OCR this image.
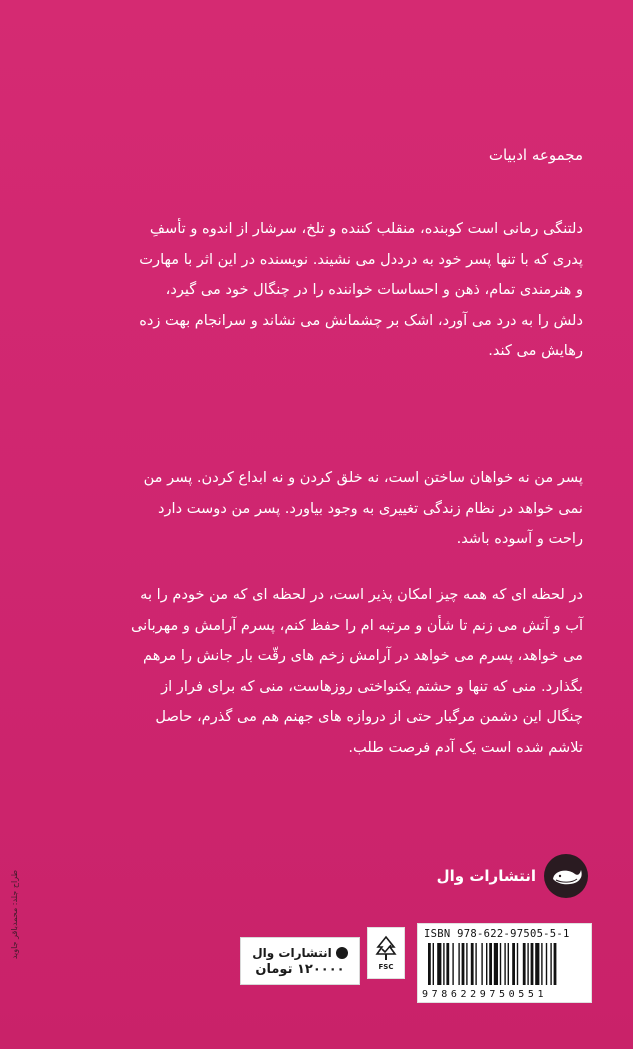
مجموعه ادبیات
دلتنگی رمانی است کوبنده، منقلب کننده و تلخ، سرشار از اندوه و تأسفِ
پدری که با تنها پسر خود به درددل می نشیند. نویسنده در این اثر با مهارت
و هنرمندی تمام، ذهن و احساسات خواننده را در چنگال خود می گیرد،
دلش را به درد می آورد، اشک بر چشمانش می نشاند و سرانجام بهت زده
رهایش می کند.
پسر من نه خواهان ساختن است، نه خلق کردن و نه ابداع کردن. پسر من
نمی خواهد در نظام زندگی تغییری به وجود بیاورد. پسر من دوست دارد
راحت و آسوده باشد.
در لحظه ای که همه چیز امکان پذیر است، در لحظه ای که من خودم را به
آب و آتش می زنم تا شأن و مرتبه ام را حفظ کنم، پسرم آرامش و مهربانی
می خواهد، پسرم می خواهد در آرامش زخم های رقّت بار جانش را مرهم
بگذارد. منی که تنها و حشتم یکنواختی روزهاست، منی که برای فرار از
چنگال این دشمن مرگبار حتی از دروازه های جهنم هم می گذرم، حاصل
تلاشم شده است یک آدم فرصت طلب.
انتشارات وال
طراح جلد: محمدباقر جاوید	انتشارات وال
۱۲۰۰۰۰ تومان	FSC
ISBN 978-622-97505-5-1
9786229750551
